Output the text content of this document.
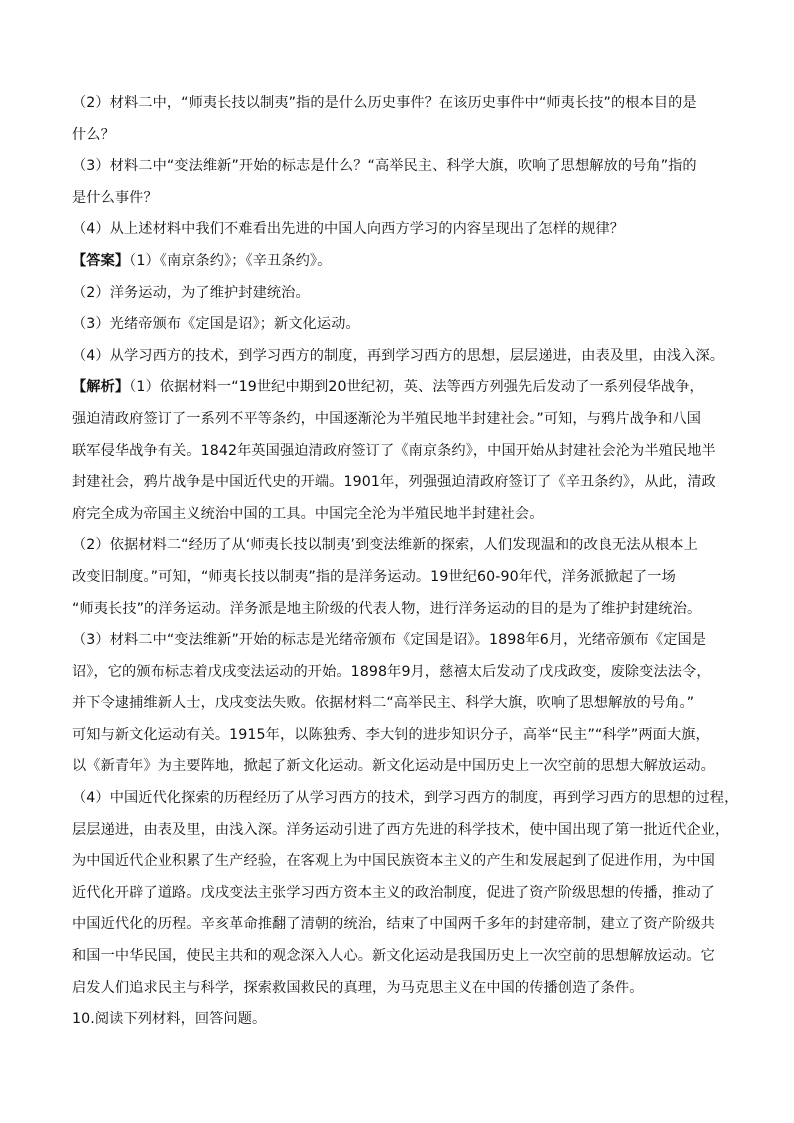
（2）材料二中，“师夷长技以制夷”指的是什么历史事件？在该历史事件中“师夷长技”的根本目的是
什么？
（3）材料二中“变法维新”开始的标志是什么？“高举民主、科学大旗，吹响了思想解放的号角”指的
是什么事件？
（4）从上述材料中我们不难看出先进的中国人向西方学习的内容呈现出了怎样的规律？
【答案】（1）《南京条约》；《辛丑条约》。
（2）洋务运动，为了维护封建统治。
（3）光绪帝颁布《定国是诏》；新文化运动。
（4）从学习西方的技术，到学习西方的制度，再到学习西方的思想，层层递进，由表及里，由浅入深。
【解析】（1）依据材料一“19世纪中期到20世纪初，英、法等西方列强先后发动了一系列侵华战争，
强迫清政府签订了一系列不平等条约，中国逐渐沦为半殖民地半封建社会。”可知，与鸦片战争和八国
联军侵华战争有关。1842年英国强迫清政府签订了《南京条约》，中国开始从封建社会沦为半殖民地半
封建社会，鸦片战争是中国近代史的开端。1901年，列强强迫清政府签订了《辛丑条约》，从此，清政
府完全成为帝国主义统治中国的工具。中国完全沦为半殖民地半封建社会。
（2）依据材料二“经历了从‘师夷长技以制夷’到变法维新的探索，人们发现温和的改良无法从根本上
改变旧制度。”可知，“师夷长技以制夷”指的是洋务运动。19世纪60-90年代，洋务派掀起了一场
“师夷长技”的洋务运动。洋务派是地主阶级的代表人物，进行洋务运动的目的是为了维护封建统治。
（3）材料二中“变法维新”开始的标志是光绪帝颁布《定国是诏》。1898年6月，光绪帝颁布《定国是
诏》，它的颁布标志着戊戌变法运动的开始。1898年9月，慈禧太后发动了戊戌政变，废除变法法令，
并下令逮捕维新人士，戊戌变法失败。依据材料二“高举民主、科学大旗，吹响了思想解放的号角。”
可知与新文化运动有关。1915年，以陈独秀、李大钊的进步知识分子，高举“民主”“科学”两面大旗，
以《新青年》为主要阵地，掀起了新文化运动。新文化运动是中国历史上一次空前的思想大解放运动。
（4）中国近代化探索的历程经历了从学习西方的技术，到学习西方的制度，再到学习西方的思想的过程，
层层递进，由表及里，由浅入深。洋务运动引进了西方先进的科学技术，使中国出现了第一批近代企业，
为中国近代企业积累了生产经验，在客观上为中国民族资本主义的产生和发展起到了促进作用，为中国
近代化开辟了道路。戊戌变法主张学习西方资本主义的政治制度，促进了资产阶级思想的传播，推动了
中国近代化的历程。辛亥革命推翻了清朝的统治，结束了中国两千多年的封建帝制，建立了资产阶级共
和国一中华民国，使民主共和的观念深入人心。新文化运动是我国历史上一次空前的思想解放运动。它
启发人们追求民主与科学，探索救国救民的真理，为马克思主义在中国的传播创造了条件。
10.阅读下列材料，回答问题。
